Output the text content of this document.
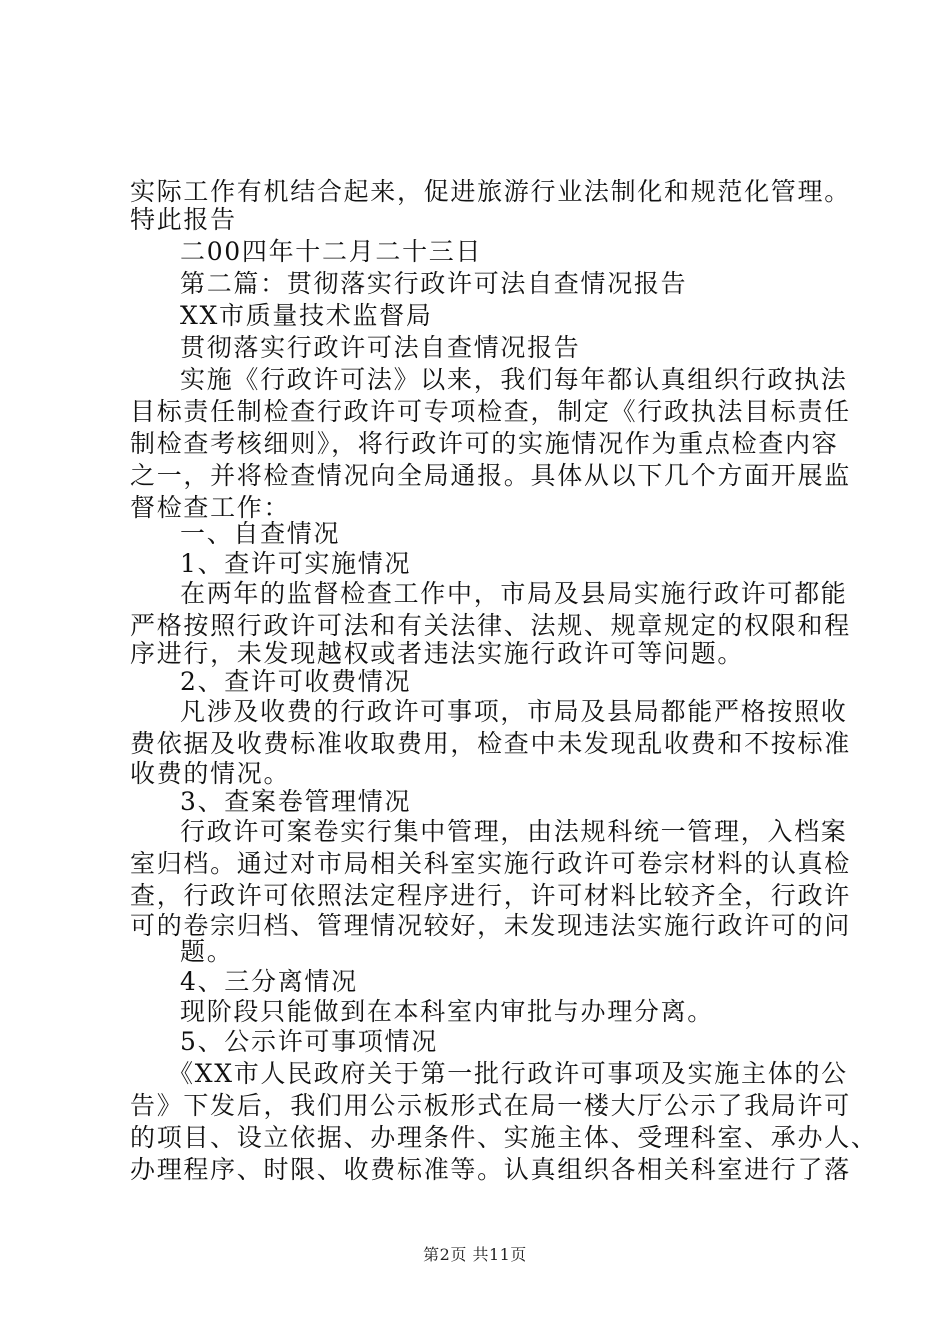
实际工作有机结合起来，促进旅游行业法制化和规范化管理。
特此报告
二00四年十二月二十三日
第二篇：贯彻落实行政许可法自查情况报告
XX市质量技术监督局
贯彻落实行政许可法自查情况报告
实施《行政许可法》以来，我们每年都认真组织行政执法
目标责任制检查行政许可专项检查，制定《行政执法目标责任
制检查考核细则》，将行政许可的实施情况作为重点检查内容
之一，并将检查情况向全局通报。具体从以下几个方面开展监
督检查工作：
一、自查情况
1、查许可实施情况
在两年的监督检查工作中，市局及县局实施行政许可都能
严格按照行政许可法和有关法律、法规、规章规定的权限和程
序进行，未发现越权或者违法实施行政许可等问题。
2、查许可收费情况
凡涉及收费的行政许可事项，市局及县局都能严格按照收
费依据及收费标准收取费用，检查中未发现乱收费和不按标准
收费的情况。
3、查案卷管理情况
行政许可案卷实行集中管理，由法规科统一管理，入档案
室归档。通过对市局相关科室实施行政许可卷宗材料的认真检
查，行政许可依照法定程序进行，许可材料比较齐全，行政许
可的卷宗归档、管理情况较好，未发现违法实施行政许可的问
题。
4、三分离情况
现阶段只能做到在本科室内审批与办理分离。
5、公示许可事项情况
《XX市人民政府关于第一批行政许可事项及实施主体的公
告》下发后，我们用公示板形式在局一楼大厅公示了我局许可
的项目、设立依据、办理条件、实施主体、受理科室、承办人、
办理程序、时限、收费标准等。认真组织各相关科室进行了落
第2页 共11页
